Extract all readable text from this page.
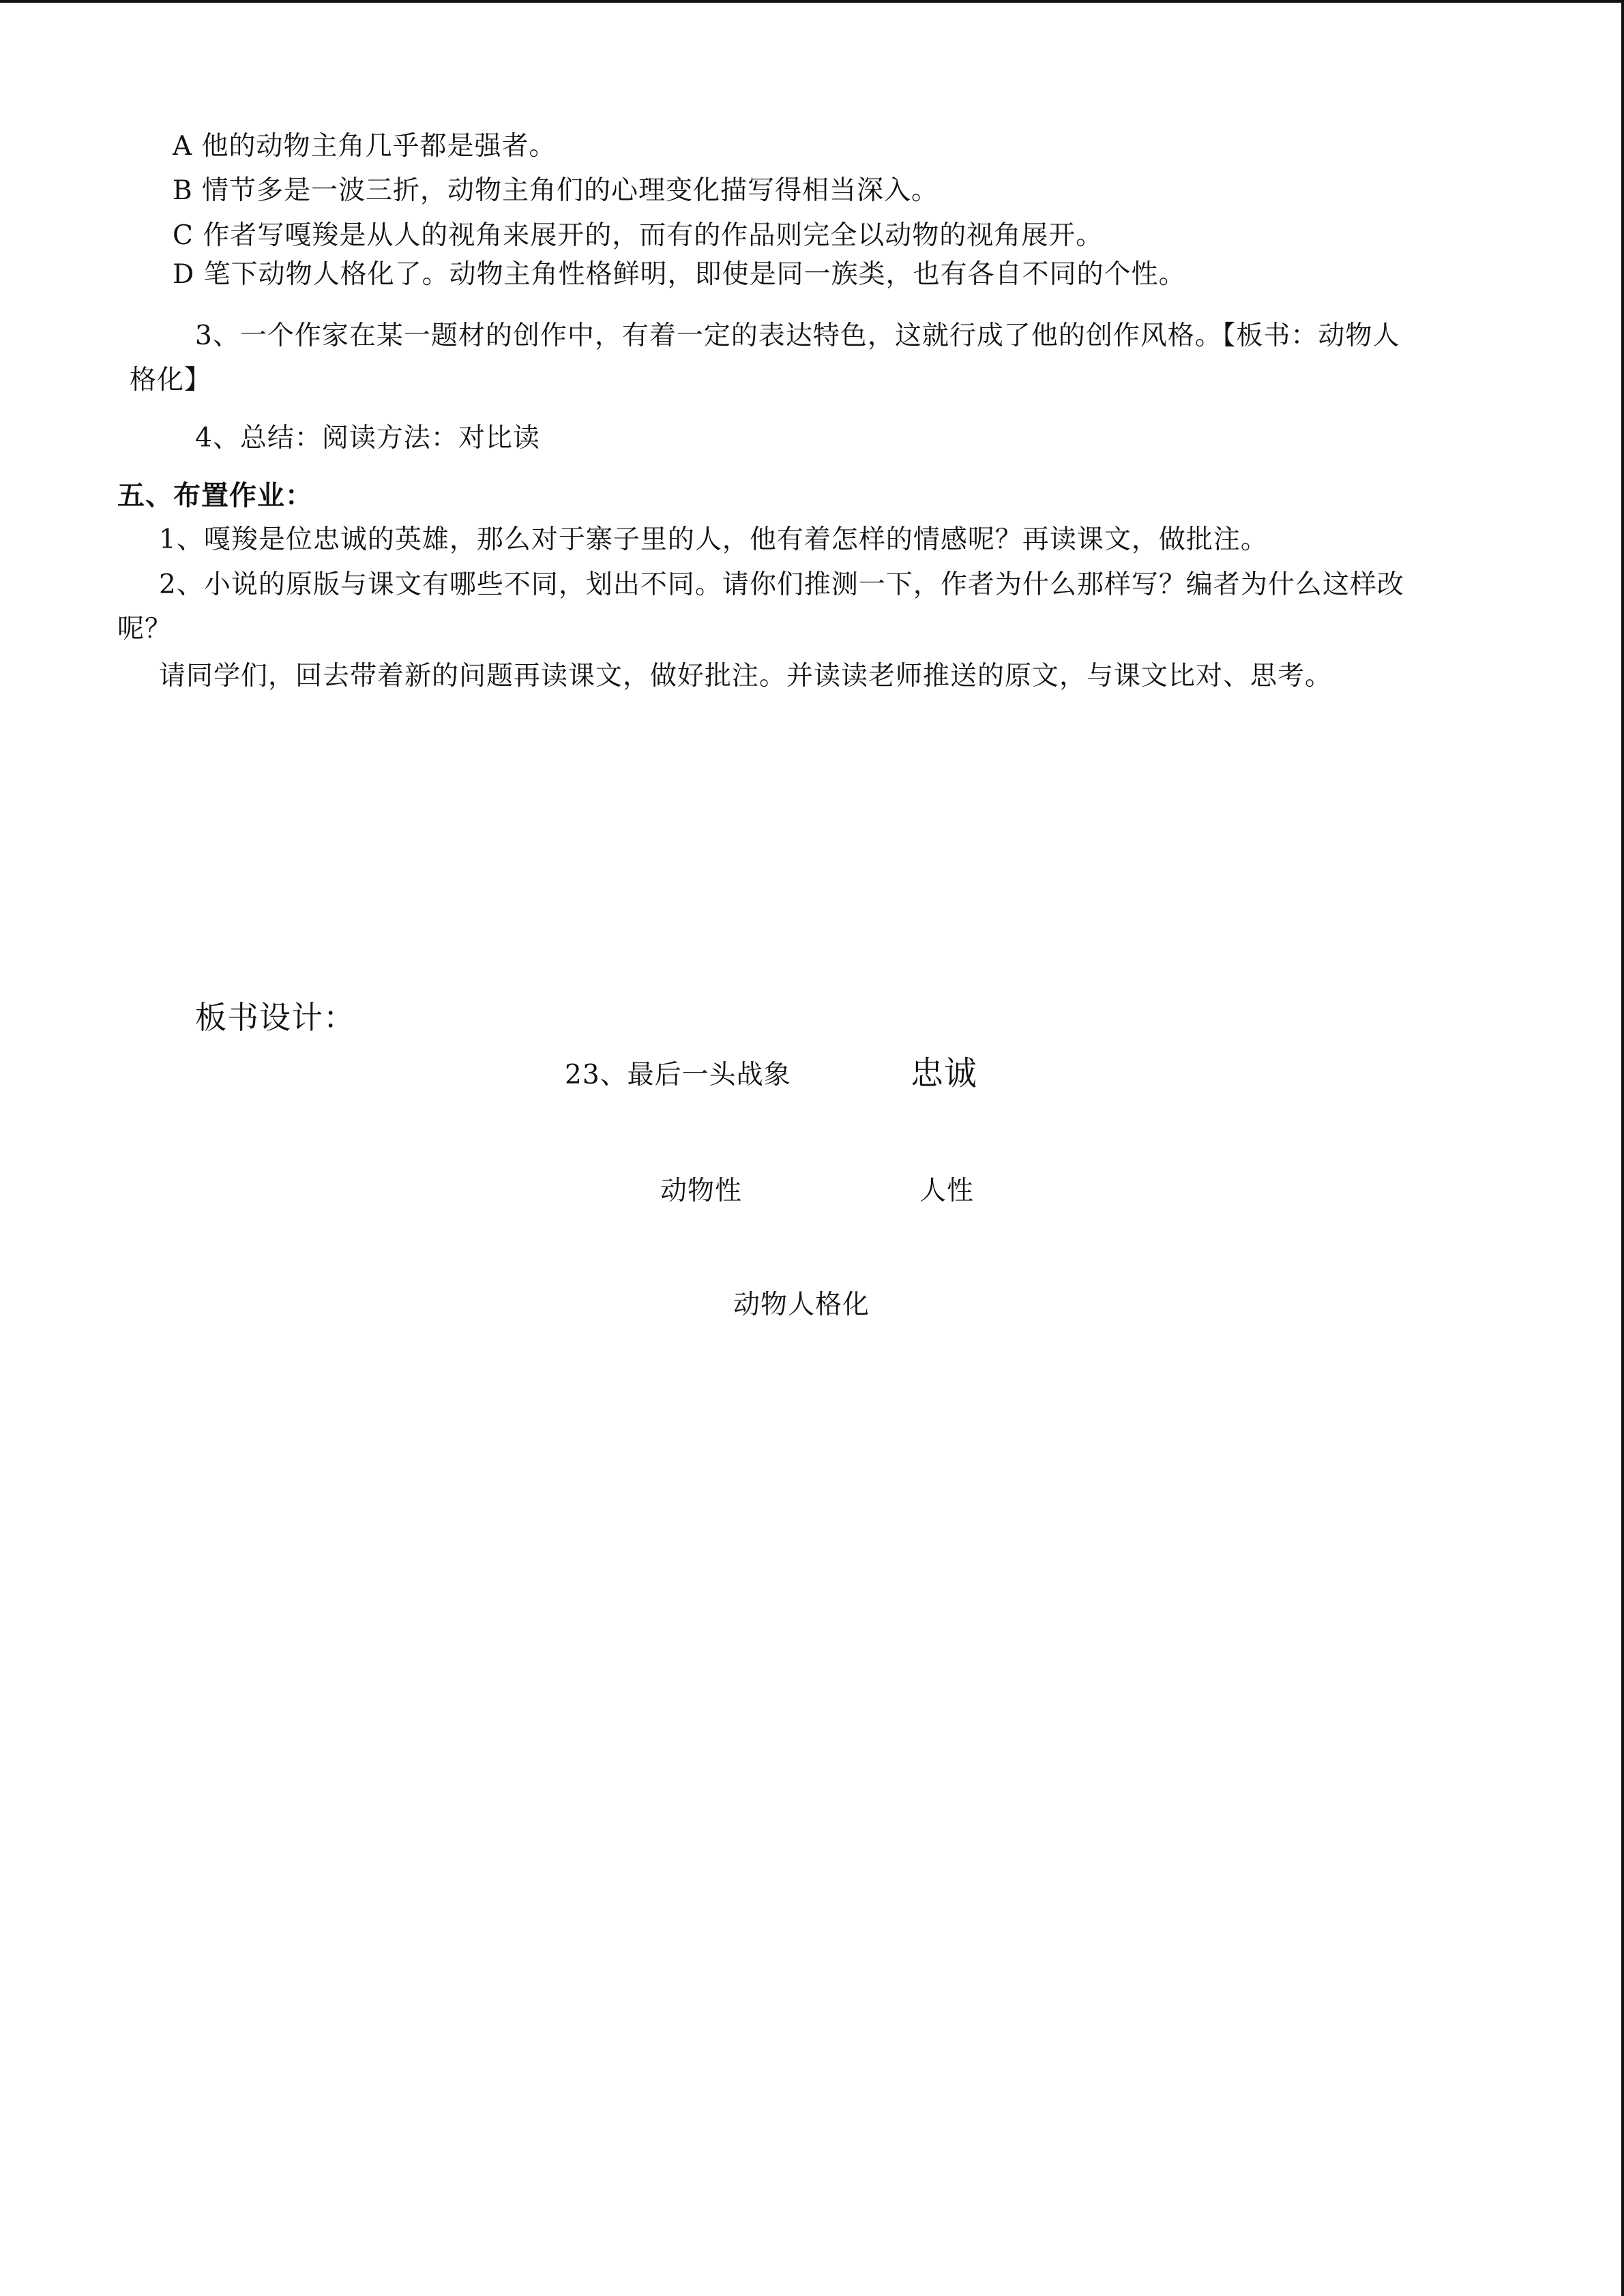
A 他的动物主角几乎都是强者。
B 情节多是一波三折，动物主角们的心理变化描写得相当深入。
C 作者写嘎羧是从人的视角来展开的，而有的作品则完全以动物的视角展开。
D 笔下动物人格化了。动物主角性格鲜明，即使是同一族类，也有各自不同的个性。
3、一个作家在某一题材的创作中，有着一定的表达特色，这就行成了他的创作风格。【板书：动物人
格化】
4、总结：阅读方法：对比读
五、布置作业：
1、嘎羧是位忠诚的英雄，那么对于寨子里的人，他有着怎样的情感呢？再读课文，做批注。
2、小说的原版与课文有哪些不同，划出不同。请你们推测一下，作者为什么那样写？编者为什么这样改
呢？
请同学们，回去带着新的问题再读课文，做好批注。并读读老师推送的原文，与课文比对、思考。
板书设计：
23、最后一头战象	忠诚
动物性	人性
动物人格化
